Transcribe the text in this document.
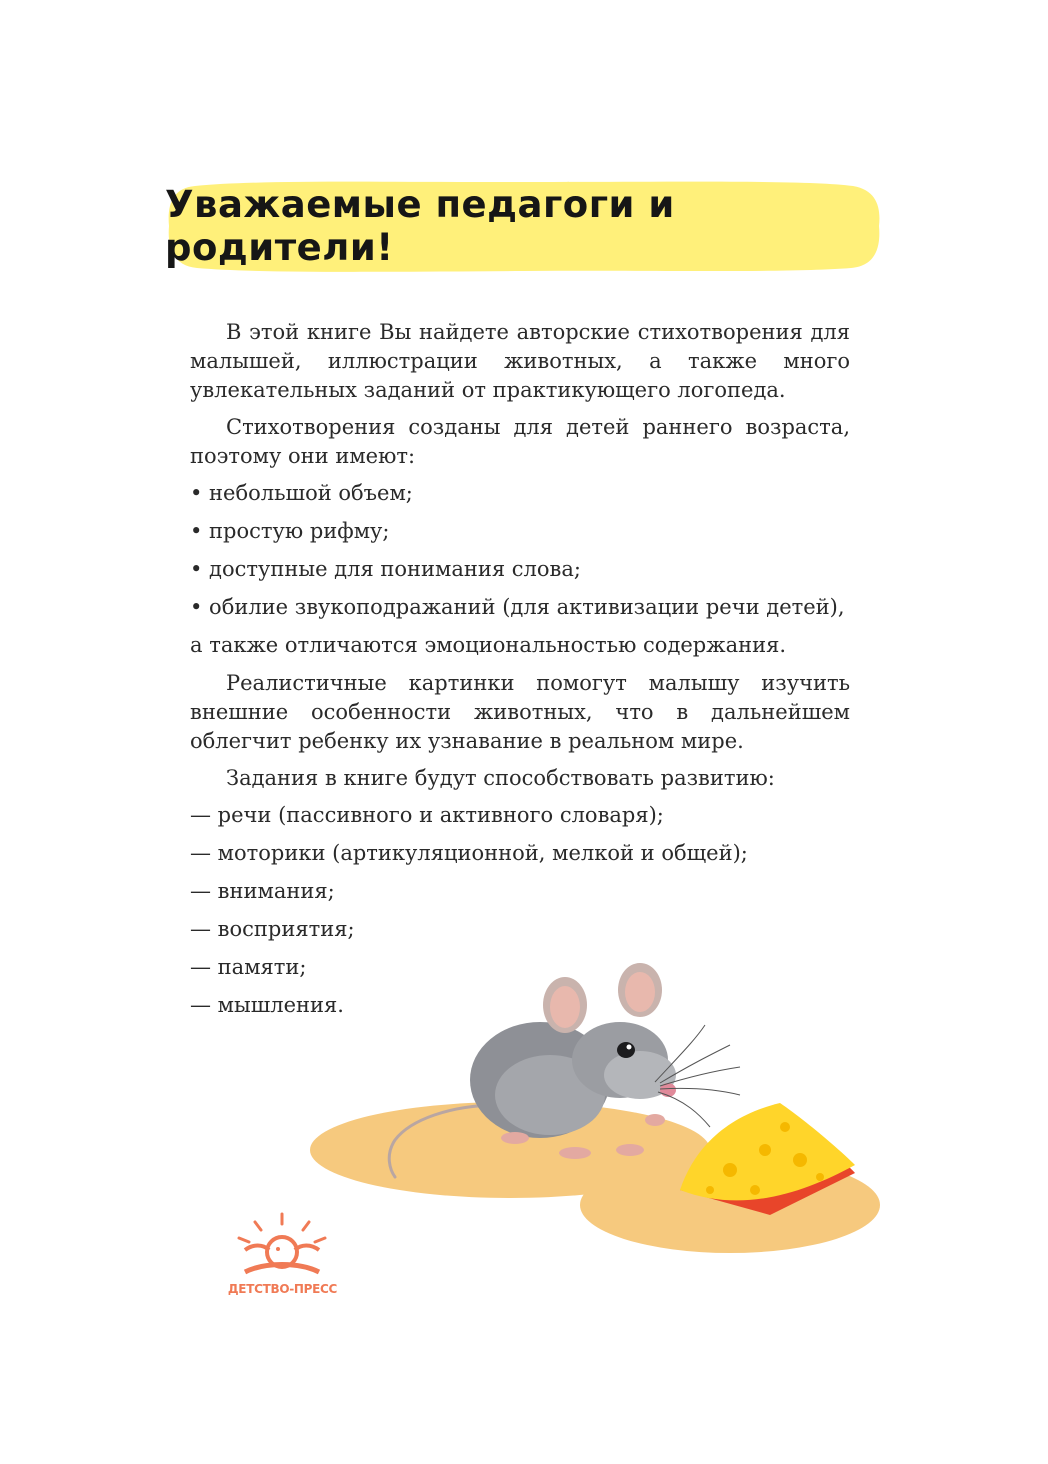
Уважаемые педагоги и родители!

В этой книге Вы найдете авторские стихотворения для малышей, иллюстрации животных, а также много увлекательных заданий от практикующего логопеда.

Стихотворения созданы для детей раннего возраста, поэтому они имеют:

• небольшой объем;

• простую рифму;

• доступные для понимания слова;

• обилие звукоподражаний (для активизации речи детей),

а также отличаются эмоциональностью содержания.

Реалистичные картинки помогут малышу изучить внешние особенности животных, что в дальнейшем облегчит ребенку их узнавание в реальном мире.

Задания в книге будут способствовать развитию:

— речи (пассивного и активного словаря);

— моторики (артикуляционной, мелкой и общей);

— внимания;

— восприятия;

— памяти;

— мышления.

ДЕТСТВО-ПРЕСС
